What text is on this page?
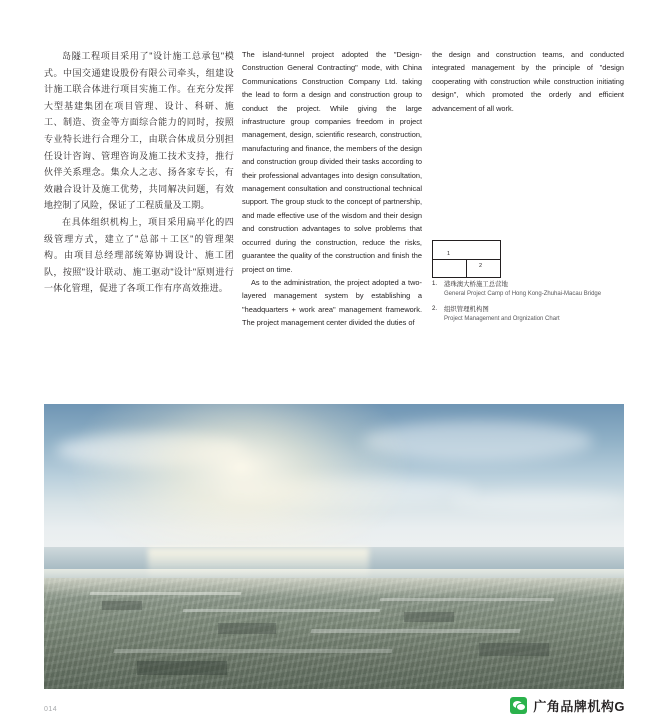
岛隧工程项目采用了"设计施工总承包"模式。中国交通建设股份有限公司牵头，组建设计施工联合体进行项目实施工作。在充分发挥大型基建集团在项目管理、设计、科研、施工、制造、资金等方面综合能力的同时，按照专业特长进行合理分工，由联合体成员分别担任设计咨询、管理咨询及施工技术支持，推行伙伴关系理念。集众人之志、扬各家专长，有效融合设计及施工优势，共同解决问题，有效地控制了风险，保证了工程质量及工期。

在具体组织机构上，项目采用扁平化的四级管理方式，建立了"总部＋工区"的管理架构。由项目总经理部统筹协调设计、施工团队，按照"设计联动、施工驱动"设计"原则进行一体化管理，促进了各项工作有序高效推进。

The island-tunnel project adopted the "Design-Construction General Contracting" mode, with China Communications Construction Company Ltd. taking the lead to form a design and construction group to conduct the project. While giving the large infrastructure group companies freedom in project management, design, scientific research, construction, manufacturing and finance, the members of the design and construction group divided their tasks according to their professional advantages into design consultation, management consultation and constructional technical support. The group stuck to the concept of partnership, and made effective use of the wisdom and their design and construction advantages to solve problems that occurred during the construction, reduce the risks, guarantee the quality of the construction and finish the project on time.

As to the administration, the project adopted a two-layered management system by establishing a "headquarters + work area" management framework. The project management center divided the duties of

the design and construction teams, and conducted integrated management by the principle of "design cooperating with construction while construction initiating design", which promoted the orderly and efficient advancement of all work.

1
2
1. 港珠澳大桥施工总营地
General Project Camp of Hong Kong-Zhuhai-Macau Bridge
2. 组织管理机构图
Project Management and Orgnization Chart
014	广角品牌机构G
